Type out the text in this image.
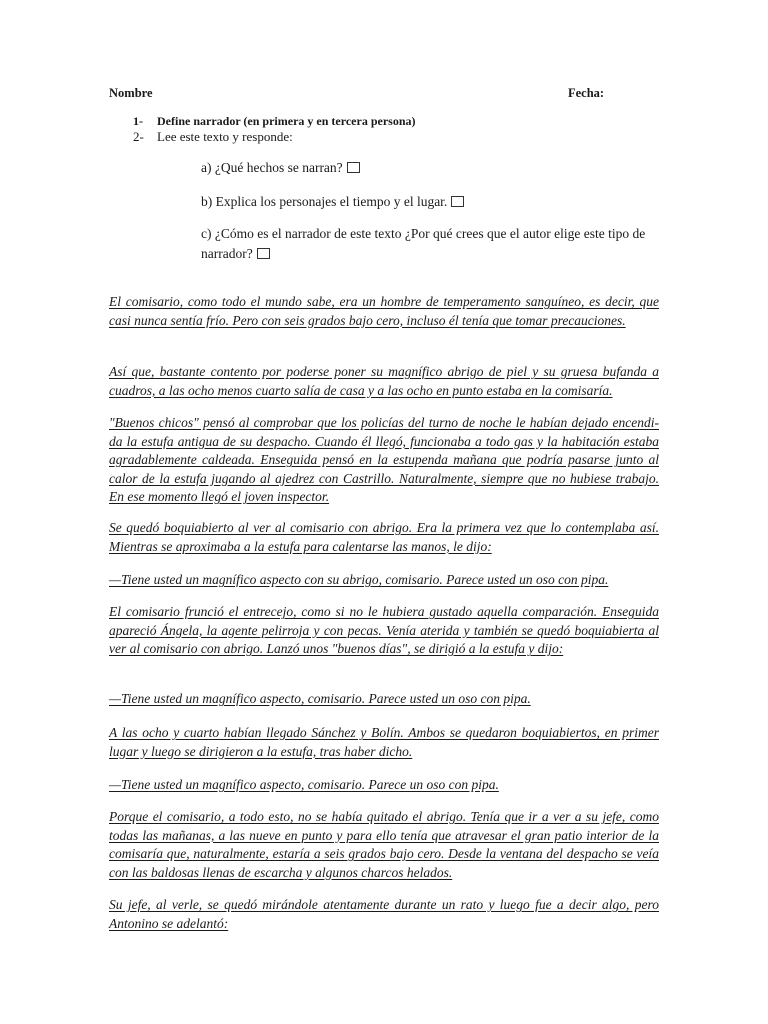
Nombre	Fecha:
1- Define narrador (en primera y en tercera persona)
2- Lee este texto y responde:
a) ¿Qué hechos se narran?
b) Explica los personajes el tiempo y el lugar.
c) ¿Cómo es el narrador de este texto ¿Por qué crees que el autor elige este tipo de narrador?
El comisario, como todo el mundo sabe, era un hombre de temperamento sanguíneo, es decir, que casi nunca sentía frío. Pero con seis grados bajo cero, incluso él tenía que tomar precauciones.
Así que, bastante contento por poderse poner su magnífico abrigo de piel y su gruesa bufanda a cuadros, a las ocho menos cuarto salía de casa y a las ocho en punto estaba en la comisaría.
"Buenos chicos" pensó al comprobar que los policías del turno de noche le habían dejado encendi- da la estufa antigua de su despacho. Cuando él llegó, funcionaba a todo gas y la habitación estaba agradablemente caldeada. Enseguida pensó en la estupenda mañana que podría pasarse junto al calor de la estufa jugando al ajedrez con Castrillo. Naturalmente, siempre que no hubiese trabajo. En ese momento llegó el joven inspector.
Se quedó boquiabierto al ver al comisario con abrigo. Era la primera vez que lo contemplaba así. Mientras se aproximaba a la estufa para calentarse las manos, le dijo:
—Tiene usted un magnífico aspecto con su abrigo, comisario. Parece usted un oso con pipa.
El comisario frunció el entrecejo, como si no le hubiera gustado aquella comparación. Enseguida apareció Ángela, la agente pelirroja y con pecas. Venía aterida y también se quedó boquiabierta al ver al comisario con abrigo. Lanzó unos "buenos días", se dirigió a la estufa y dijo:
—Tiene usted un magnífico aspecto, comisario. Parece usted un oso con pipa.
A las ocho y cuarto habían llegado Sánchez y Bolín. Ambos se quedaron boquiabiertos, en primer lugar y luego se dirigieron a la estufa, tras haber dicho.
—Tiene usted un magnífico aspecto, comisario. Parece un oso con pipa.
Porque el comisario, a todo esto, no se había quitado el abrigo. Tenía que ir a ver a su jefe, como todas las mañanas, a las nueve en punto y para ello tenía que atravesar el gran patio interior de la comisaría que, naturalmente, estaría a seis grados bajo cero. Desde la ventana del despacho se veía con las baldosas llenas de escarcha y algunos charcos helados.
Su jefe, al verle, se quedó mirándole atentamente durante un rato y luego fue a decir algo, pero Antonino se adelantó:
